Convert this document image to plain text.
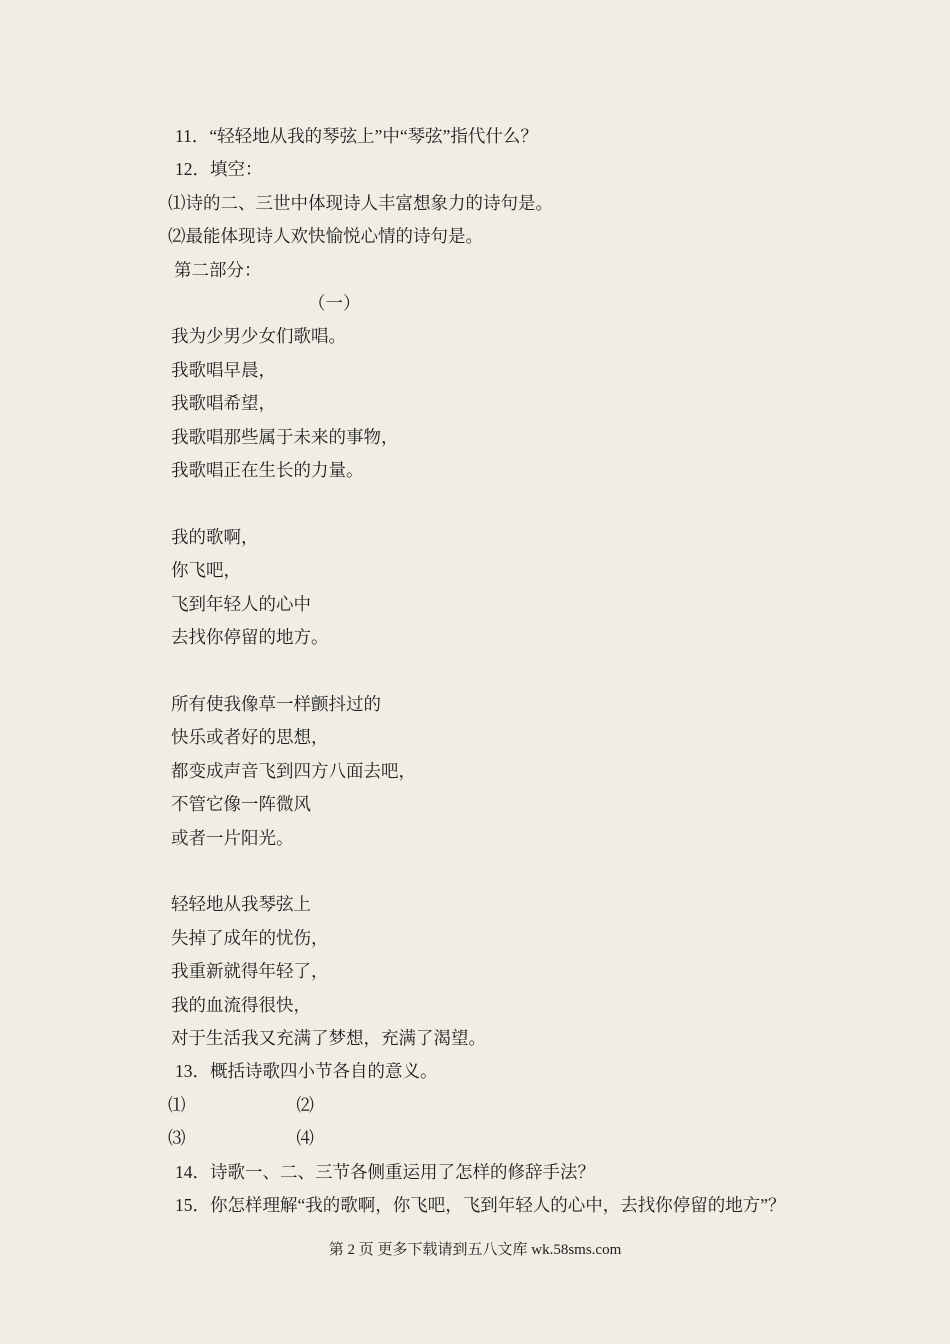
11．“轻轻地从我的琴弦上”中“琴弦”指代什么？
12．填空：
⑴诗的二、三世中体现诗人丰富想象力的诗句是。
⑵最能体现诗人欢快愉悦心情的诗句是。
第二部分：
（一）
我为少男少女们歌唱。
我歌唱早晨，
我歌唱希望，
我歌唱那些属于未来的事物，
我歌唱正在生长的力量。
我的歌啊，
你飞吧，
飞到年轻人的心中
去找你停留的地方。
所有使我像草一样颤抖过的
快乐或者好的思想，
都变成声音飞到四方八面去吧，
不管它像一阵微风
或者一片阳光。
轻轻地从我琴弦上
失掉了成年的忧伤，
我重新就得年轻了，
我的血流得很快，
对于生活我又充满了梦想，充满了渴望。
13．概括诗歌四小节各自的意义。
⑴	⑵
⑶	⑷
14．诗歌一、二、三节各侧重运用了怎样的修辞手法？
15．你怎样理解“我的歌啊，你飞吧，飞到年轻人的心中，去找你停留的地方”？
第 2 页 更多下载请到五八文库 wk.58sms.com
